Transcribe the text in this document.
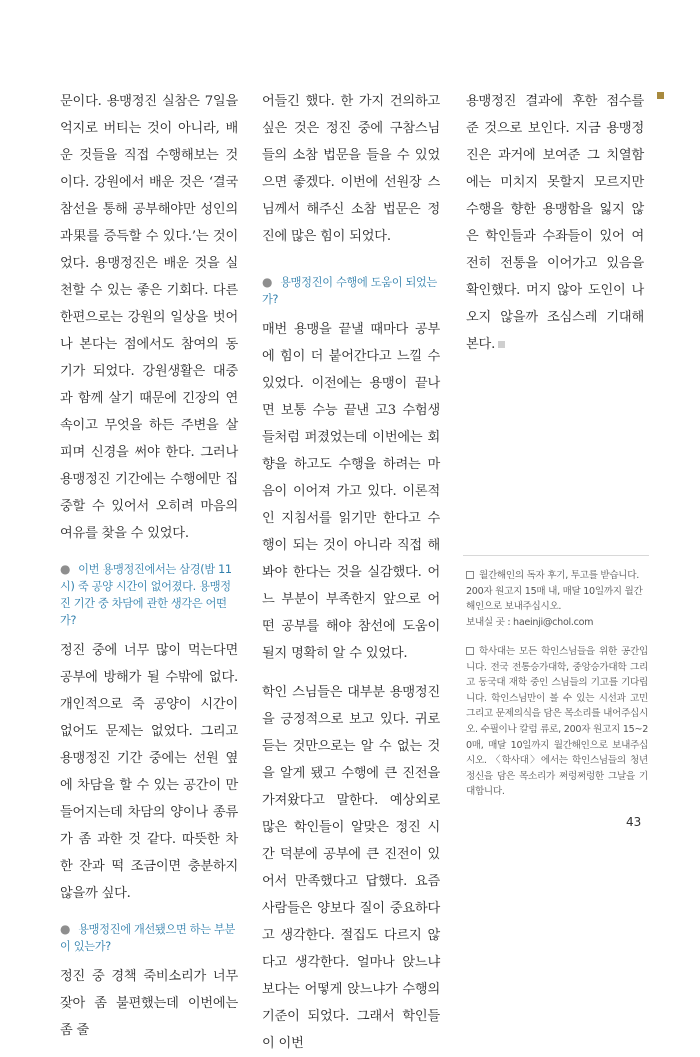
문이다. 용맹정진 실참은 7일을 억지로 버티는 것이 아니라, 배운 것들을 직접 수행해보는 것이다. 강원에서 배운 것은 ‘결국 참선을 통해 공부해야만 성인의 과果를 증득할 수 있다.’는 것이었다. 용맹정진은 배운 것을 실천할 수 있는 좋은 기회다. 다른 한편으로는 강원의 일상을 벗어나 본다는 점에서도 참여의 동기가 되었다. 강원생활은 대중과 함께 살기 때문에 긴장의 연속이고 무엇을 하든 주변을 살피며 신경을 써야 한다. 그러나 용맹정진 기간에는 수행에만 집중할 수 있어서 오히려 마음의 여유를 찾을 수 있었다.

● 이번 용맹정진에서는 삼경(밤 11시) 죽 공양 시간이 없어졌다. 용맹정진 기간 중 차담에 관한 생각은 어떤가?

정진 중에 너무 많이 먹는다면 공부에 방해가 될 수밖에 없다. 개인적으로 죽 공양이 시간이 없어도 문제는 없었다. 그리고 용맹정진 기간 중에는 선원 옆에 차담을 할 수 있는 공간이 만들어지는데 차담의 양이나 종류가 좀 과한 것 같다. 따뜻한 차 한 잔과 떡 조금이면 충분하지 않을까 싶다.

● 용맹정진에 개선됐으면 하는 부분이 있는가?

정진 중 경책 죽비소리가 너무 잦아 좀 불편했는데 이번에는 좀 줄

어들긴 했다. 한 가지 건의하고 싶은 것은 정진 중에 구참스님들의 소참 법문을 들을 수 있었으면 좋겠다. 이번에 선원장 스님께서 해주신 소참 법문은 정진에 많은 힘이 되었다.

● 용맹정진이 수행에 도움이 되었는가?

매번 용맹을 끝낼 때마다 공부에 힘이 더 붙어간다고 느낄 수 있었다. 이전에는 용맹이 끝나면 보통 수능 끝낸 고3 수험생들처럼 퍼졌었는데 이번에는 회향을 하고도 수행을 하려는 마음이 이어져 가고 있다. 이론적인 지침서를 읽기만 한다고 수행이 되는 것이 아니라 직접 해 봐야 한다는 것을 실감했다. 어느 부분이 부족한지 앞으로 어떤 공부를 해야 참선에 도움이 될지 명확히 알 수 있었다.

학인 스님들은 대부분 용맹정진을 긍정적으로 보고 있다. 귀로 듣는 것만으로는 알 수 없는 것을 알게 됐고 수행에 큰 진전을 가져왔다고 말한다. 예상외로 많은 학인들이 알맞은 정진 시간 덕분에 공부에 큰 진전이 있어서 만족했다고 답했다. 요즘 사람들은 양보다 질이 중요하다고 생각한다. 절집도 다르지 않다고 생각한다. 얼마나 앉느냐보다는 어떻게 앉느냐가 수행의 기준이 되었다. 그래서 학인들이 이번

용맹정진 결과에 후한 점수를 준 것으로 보인다. 지금 용맹정진은 과거에 보여준 그 치열함에는 미치지 못할지 모르지만 수행을 향한 용맹함을 잃지 않은 학인들과 수좌들이 있어 여전히 전통을 이어가고 있음을 확인했다. 머지 않아 도인이 나오지 않을까 조심스레 기대해 본다.

월간해인의 독자 후기, 투고를 받습니다.
200자 원고지 15매 내, 매달 10일까지 월간
해인으로 보내주십시오.
보내실 곳 : haeinji@chol.com
학사대는 모든 학인스님들을 위한 공간입니다. 전국 전통승가대학, 중앙승가대학 그리고 동국대 재학 중인 스님들의 기고를 기다립니다. 학인스님만이 볼 수 있는 시선과 고민 그리고 문제의식을 담은 목소리를 내어주십시오. 수필이나 칼럼 류로, 200자 원고지 15~20매, 매달 10일까지 월간해인으로 보내주십시오. 〈학사대〉에서는 학인스님들의 청년정신을 담은 목소리가 쩌렁쩌렁한 그날을 기대합니다.
43
